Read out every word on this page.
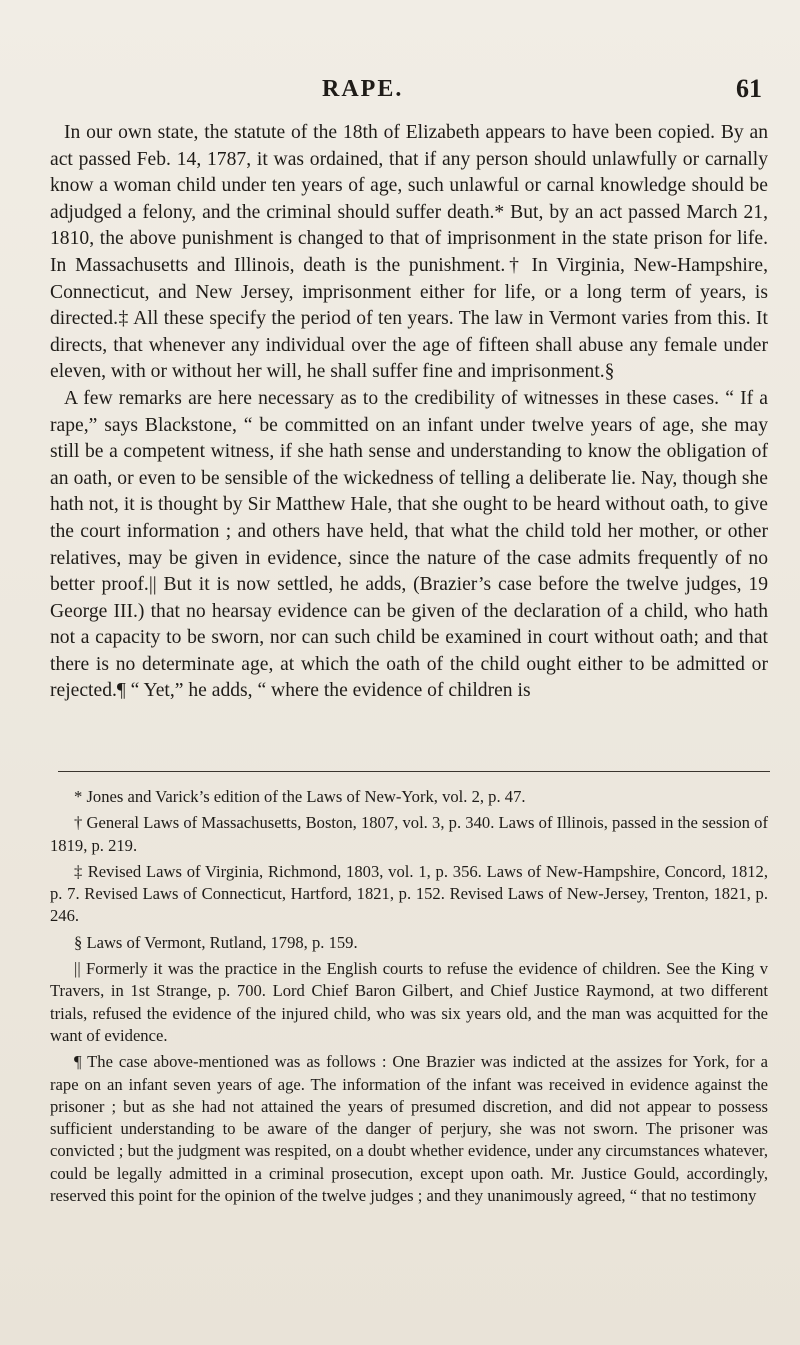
RAPE.	61

In our own state, the statute of the 18th of Elizabeth appears to have been copied. By an act passed Feb. 14, 1787, it was ordained, that if any person should unlawfully or carnally know a woman child under ten years of age, such unlawful or carnal knowledge should be adjudged a felony, and the criminal should suffer death.* But, by an act passed March 21, 1810, the above punishment is changed to that of imprisonment in the state prison for life. In Massachusetts and Illinois, death is the punishment.† In Virginia, New-Hampshire, Connecticut, and New Jersey, imprisonment either for life, or a long term of years, is directed.‡ All these specify the period of ten years. The law in Vermont varies from this. It directs, that whenever any individual over the age of fifteen shall abuse any female under eleven, with or without her will, he shall suffer fine and imprisonment.§

A few remarks are here necessary as to the credibility of witnesses in these cases. “ If a rape,” says Blackstone, “ be committed on an infant under twelve years of age, she may still be a competent witness, if she hath sense and understanding to know the obligation of an oath, or even to be sensible of the wickedness of telling a deliberate lie. Nay, though she hath not, it is thought by Sir Matthew Hale, that she ought to be heard without oath, to give the court information ; and others have held, that what the child told her mother, or other relatives, may be given in evidence, since the nature of the case admits frequently of no better proof.|| But it is now settled, he adds, (Brazier’s case before the twelve judges, 19 George III.) that no hearsay evidence can be given of the declaration of a child, who hath not a capacity to be sworn, nor can such child be examined in court without oath; and that there is no determinate age, at which the oath of the child ought either to be admitted or rejected.¶ “ Yet,” he adds, “ where the evidence of children is

* Jones and Varick’s edition of the Laws of New-York, vol. 2, p. 47.

† General Laws of Massachusetts, Boston, 1807, vol. 3, p. 340. Laws of Illinois, passed in the session of 1819, p. 219.

‡ Revised Laws of Virginia, Richmond, 1803, vol. 1, p. 356. Laws of New-Hampshire, Concord, 1812, p. 7. Revised Laws of Connecticut, Hartford, 1821, p. 152. Revised Laws of New-Jersey, Trenton, 1821, p. 246.

§ Laws of Vermont, Rutland, 1798, p. 159.

|| Formerly it was the practice in the English courts to refuse the evidence of children. See the King v Travers, in 1st Strange, p. 700. Lord Chief Baron Gilbert, and Chief Justice Raymond, at two different trials, refused the evidence of the injured child, who was six years old, and the man was acquitted for the want of evidence.

¶ The case above-mentioned was as follows : One Brazier was indicted at the assizes for York, for a rape on an infant seven years of age. The information of the infant was received in evidence against the prisoner ; but as she had not attained the years of presumed discretion, and did not appear to possess sufficient understanding to be aware of the danger of perjury, she was not sworn. The prisoner was convicted ; but the judgment was respited, on a doubt whether evidence, under any circumstances whatever, could be legally admitted in a criminal prosecution, except upon oath. Mr. Justice Gould, accordingly, reserved this point for the opinion of the twelve judges ; and they unanimously agreed, “ that no testimony
